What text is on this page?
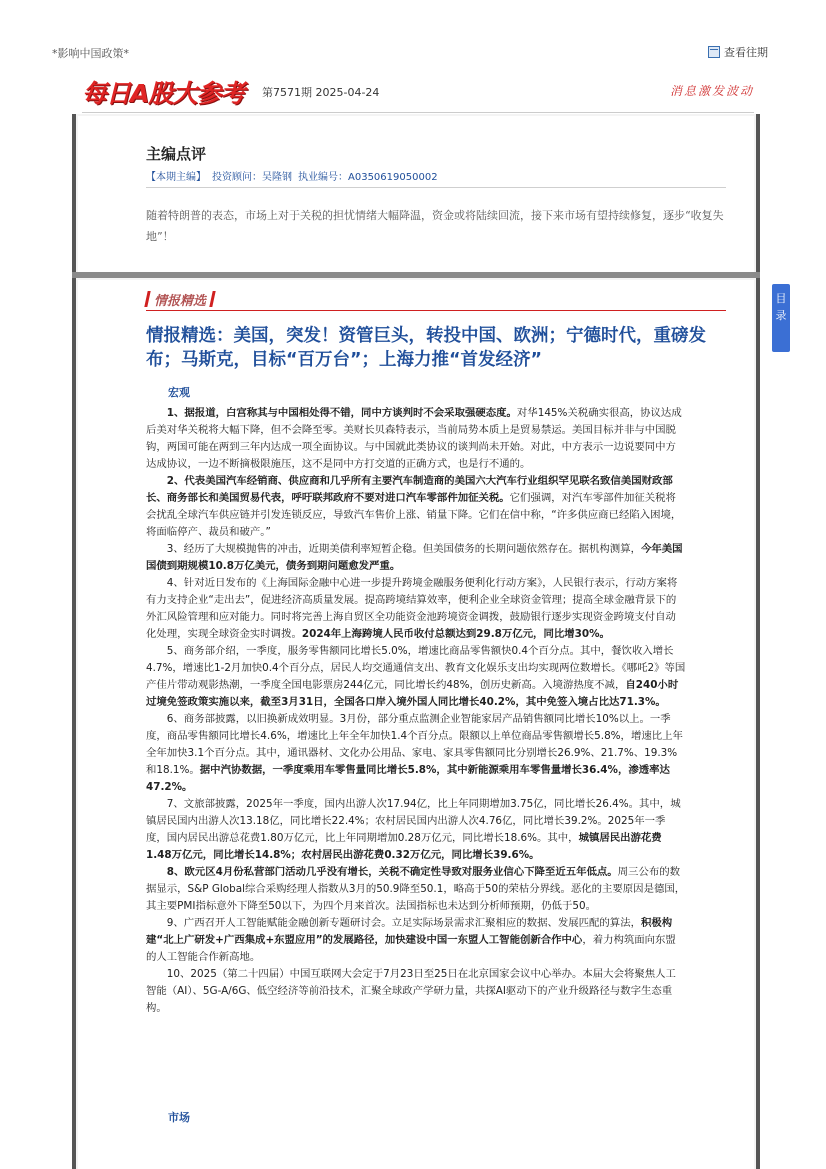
*影响中国政策*	查看往期
每日A股大参考 第7571期 2025-04-24	消息激发波动
主编点评
【本期主编】 投资顾问：吴隆钢 执业编号：A0350619050002
随着特朗普的表态，市场上对于关税的担忧情绪大幅降温，资金或将陆续回流，接下来市场有望持续修复，逐步“收复失地”！
情报精选
情报精选：美国，突发！资管巨头，转投中国、欧洲；宁德时代，重磅发布；马斯克，目标“百万台”；上海力推“首发经济”
宏观

1、据报道，白宫称其与中国相处得不错，同中方谈判时不会采取强硬态度。对华145%关税确实很高，协议达成后美对华关税将大幅下降，但不会降至零。美财长贝森特表示，当前局势本质上是贸易禁运。美国目标并非与中国脱钩，两国可能在两到三年内达成一项全面协议。与中国就此类协议的谈判尚未开始。对此，中方表示一边说要同中方达成协议，一边不断摘极限施压，这不是同中方打交道的正确方式，也是行不通的。

2、代表美国汽车经销商、供应商和几乎所有主要汽车制造商的美国六大汽车行业组织罕见联名致信美国财政部长、商务部长和美国贸易代表，呼吁联邦政府不要对进口汽车零部件加征关税。它们强调，对汽车零部件加征关税将会扰乱全球汽车供应链并引发连锁反应，导致汽车售价上涨、销量下降。它们在信中称，“许多供应商已经陷入困境，将面临停产、裁员和破产。”

3、经历了大规模抛售的冲击，近期美债利率短暂企稳。但美国债务的长期问题依然存在。据机构测算，今年美国国债到期规模10.8万亿美元，债务到期问题愈发严重。

4、针对近日发布的《上海国际金融中心进一步提升跨境金融服务便利化行动方案》，人民银行表示，行动方案将有力支持企业“走出去”，促进经济高质量发展。提高跨境结算效率，便利企业全球资金管理；提高全球金融背景下的外汇风险管理和应对能力。同时将完善上海自贸区全功能资金池跨境资金调拨，鼓励银行逐步实现资金跨境支付自动化处理，实现全球资金实时调拨。2024年上海跨境人民币收付总额达到29.8万亿元，同比增30%。

5、商务部介绍，一季度，服务零售额同比增长5.0%，增速比商品零售额快0.4个百分点。其中，餐饮收入增长4.7%，增速比1-2月加快0.4个百分点，居民人均交通通信支出、教育文化娱乐支出均实现两位数增长。《哪吒2》等国产佳片带动观影热潮，一季度全国电影票房244亿元，同比增长约48%，创历史新高。入境游热度不减，自240小时过境免签政策实施以来，截至3月31日，全国各口岸入境外国人同比增长40.2%，其中免签入境占比达71.3%。

6、商务部披露，以旧换新成效明显。3月份，部分重点监测企业智能家居产品销售额同比增长10%以上。一季度，商品零售额同比增长4.6%，增速比上年全年加快1.4个百分点。限额以上单位商品零售额增长5.8%，增速比上年全年加快3.1个百分点。其中，通讯器材、文化办公用品、家电、家具零售额同比分别增长26.9%、21.7%、19.3%和18.1%。据中汽协数据，一季度乘用车零售量同比增长5.8%，其中新能源乘用车零售量增长36.4%，渗透率达47.2%。

7、文旅部披露，2025年一季度，国内出游人次17.94亿，比上年同期增加3.75亿，同比增长26.4%。其中，城镇居民国内出游人次13.18亿，同比增长22.4%；农村居民国内出游人次4.76亿，同比增长39.2%。2025年一季度，国内居民出游总花费1.80万亿元，比上年同期增加0.28万亿元，同比增长18.6%。其中，城镇居民出游花费1.48万亿元，同比增长14.8%；农村居民出游花费0.32万亿元，同比增长39.6%。

8、欧元区4月份私营部门活动几乎没有增长，关税不确定性导致对服务业信心下降至近五年低点。周三公布的数据显示，S&P Global综合采购经理人指数从3月的50.9降至50.1，略高于50的荣枯分界线。恶化的主要原因是德国，其主要PMI指标意外下降至50以下，为四个月来首次。法国指标也未达到分析师预期，仍低于50。

9、广西召开人工智能赋能金融创新专题研讨会。立足实际场景需求汇聚相应的数据、发展匹配的算法，积极构建“北上广研发+广西集成+东盟应用”的发展路径，加快建设中国一东盟人工智能创新合作中心，着力构筑面向东盟的人工智能合作新高地。

10、2025（第二十四届）中国互联网大会定于7月23日至25日在北京国家会议中心举办。本届大会将聚焦人工智能（AI）、5G-A/6G、低空经济等前沿技术，汇聚全球政产学研力量，共探AI驱动下的产业升级路径与数字生态重构。

市场
目
录
